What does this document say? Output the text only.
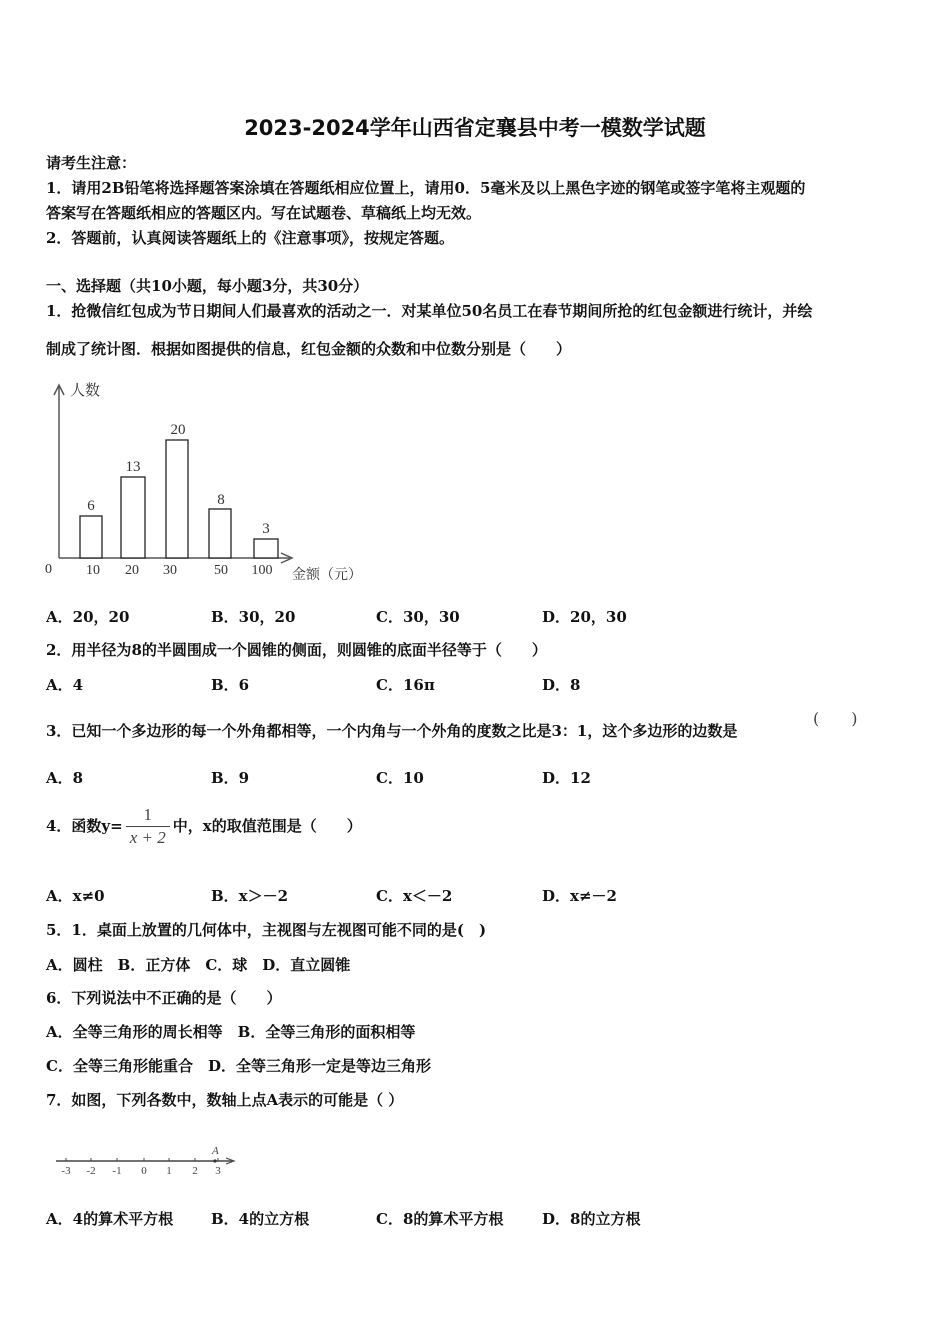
2023-2024学年山西省定襄县中考一模数学试题
请考生注意：
1．请用2B铅笔将选择题答案涂填在答题纸相应位置上，请用0．5毫米及以上黑色字迹的钢笔或签字笔将主观题的
答案写在答题纸相应的答题区内。写在试题卷、草稿纸上均无效。
2．答题前，认真阅读答题纸上的《注意事项》，按规定答题。
一、选择题（共10小题，每小题3分，共30分）
1．抢微信红包成为节日期间人们最喜欢的活动之一．对某单位50名员工在春节期间所抢的红包金额进行统计，并绘
制成了统计图．根据如图提供的信息，红包金额的众数和中位数分别是（　　）
人数
金额（元）
0
6
10
13
20
20
30
8
50
3
100
A．20，20	B．30，20	C．30，30	D．20，30
2．用半径为8的半圆围成一个圆锥的侧面，则圆锥的底面半径等于（　　）
A．4	B．6	C．16π	D．8
3．已知一个多边形的每一个外角都相等，一个内角与一个外角的度数之比是3：1，这个多边形的边数是
(　　)
A．8	B．9	C．10	D．12
4．函数$y= \frac{1}{x + 2}$ 中，x的取值范围是（　　）
A．x≠0	B．x＞－2	C．x＜－2	D．x≠－2
5．1．桌面上放置的几何体中，主视图与左视图可能不同的是(　)
A．圆柱　B．正方体　C．球　D．直立圆锥
6．下列说法中不正确的是（　　）
A．全等三角形的周长相等　B．全等三角形的面积相等
C．全等三角形能重合　D．全等三角形一定是等边三角形
7．如图，下列各数中，数轴上点A表示的可能是（ ）
-3 -2 -1 0 1 2 3
A
A．4的算术平方根	B．4的立方根	C．8的算术平方根	D．8的立方根
